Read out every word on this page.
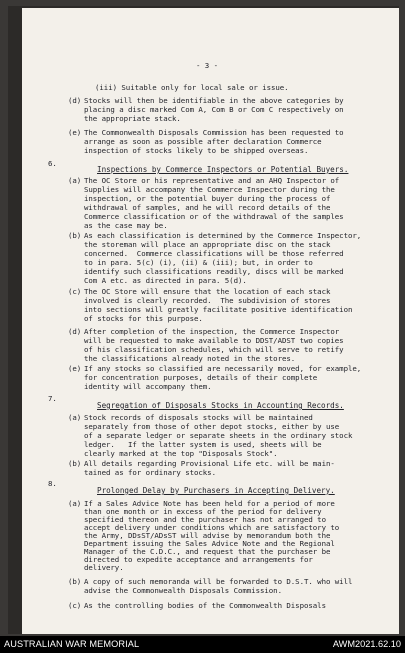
- 3 -
(iii) Suitable only for local sale or issue.
(d) Stocks will then be identifiable in the above categories by
placing a disc marked Com A, Com B or Com C respectively on
the appropriate stack.
(e) The Commonwealth Disposals Commission has been requested to
arrange as soon as possible after declaration Commerce
inspection of stocks likely to be shipped overseas.
6.
Inspections by Commerce Inspectors or Potential Buyers.
(a) The OC Store or his representative and an AHQ Inspector of
Supplies will accompany the Commerce Inspector during the
inspection, or the potential buyer during the process of
withdrawal of samples, and he will record details of the
Commerce classification or of the withdrawal of the samples
as the case may be.
(b) As each classification is determined by the Commerce Inspector,
the storeman will place an appropriate disc on the stack
concerned.  Commerce classifications will be those referred
to in para. 5(c) (i), (ii) & (iii); but, in order to
identify such classifications readily, discs will be marked
Com A etc. as directed in para. 5(d).
(c) The OC Store will ensure that the location of each stack
involved is clearly recorded.  The subdivision of stores
into sections will greatly facilitate positive identification
of stocks for this purpose.
(d) After completion of the inspection, the Commerce Inspector
will be requested to make available to DDST/ADST two copies
of his classification schedules, which will serve to retify
the classifications already noted in the stores.
(e) If any stocks so classified are necessarily moved, for example,
for concentration purposes, details of their complete
identity will accompany them.
7.
Segregation of Disposals Stocks in Accounting Records.
(a) Stock records of disposals stocks will be maintained
separately from those of other depot stocks, either by use
of a separate ledger or separate sheets in the ordinary stock
ledger.   If the latter system is used, sheets will be
clearly marked at the top "Disposals Stock".
(b) All details regarding Provisional Life etc. will be main-
tained as for ordinary stocks.
8.
Prolonged Delay by Purchasers in Accepting Delivery.
(a) If a Sales Advice Note has been held for a period of more
than one month or in excess of the period for delivery
specified thereon and the purchaser has not arranged to
accept delivery under conditions which are satisfactory to
the Army, DDsST/ADsST will advise by memorandum both the
Department issuing the Sales Advice Note and the Regional
Manager of the C.D.C., and request that the purchaser be
directed to expedite acceptance and arrangements for
delivery.
(b) A copy of such memoranda will be forwarded to D.S.T. who will
advise the Commonwealth Disposals Commission.
(c) As the controlling bodies of the Commonwealth Disposals
AUSTRALIAN WAR MEMORIAL	AWM2021.62.10
